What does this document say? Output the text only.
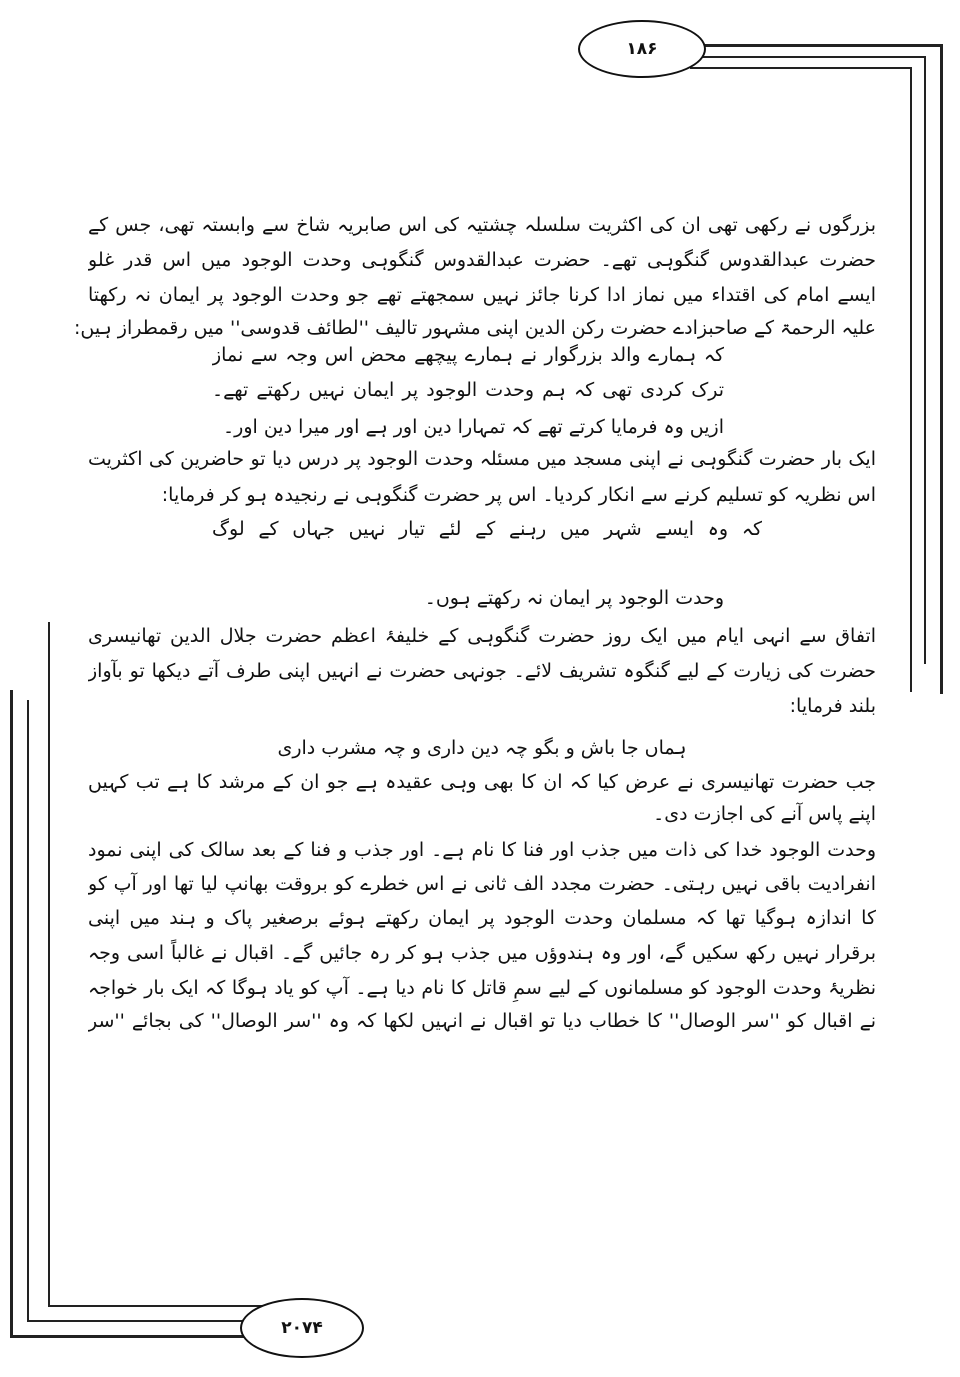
۱۸۶
۲۰۷۴
بزرگوں نے رکھی تھی ان کی اکثریت سلسلہ چشتیہ کی اس صابریہ شاخ سے وابستہ تھی، جس کے
حضرت عبدالقدوس گنگوہی تھے۔ حضرت عبدالقدوس گنگوہی وحدت الوجود میں اس قدر غلو
ایسے امام کی اقتداء میں نماز ادا کرنا جائز نہیں سمجھتے تھے جو وحدت الوجود پر ایمان نہ رکھتا
علیہ الرحمۃ کے صاحبزادے حضرت رکن الدین اپنی مشہور تالیف ''لطائف قدوسی'' میں رقمطراز ہیں:
کہ ہمارے والد بزرگوار نے ہمارے پیچھے محض اس وجہ سے نماز
ترک کردی تھی کہ ہم وحدت الوجود پر ایمان نہیں رکھتے تھے۔
ازیں وہ فرمایا کرتے تھے کہ تمہارا دین اور ہے اور میرا دین اور۔
ایک بار حضرت گنگوہی نے اپنی مسجد میں مسئلہ وحدت الوجود پر درس دیا تو حاضرین کی اکثریت
اس نظریہ کو تسلیم کرنے سے انکار کردیا۔ اس پر حضرت گنگوہی نے رنجیدہ ہو کر فرمایا:
کہ وہ ایسے شہر میں رہنے کے لئے تیار نہیں جہاں کے لوگ
وحدت الوجود پر ایمان نہ رکھتے ہوں۔
اتفاق سے انہی ایام میں ایک روز حضرت گنگوہی کے خلیفۂ اعظم حضرت جلال الدین تھانیسری
حضرت کی زیارت کے لیے گنگوہ تشریف لائے۔ جونہی حضرت نے انہیں اپنی طرف آتے دیکھا تو بآواز
بلند فرمایا:
ہماں جا باش و بگو چہ دین داری و چہ مشرب داری
جب حضرت تھانیسری نے عرض کیا کہ ان کا بھی وہی عقیدہ ہے جو ان کے مرشد کا ہے تب کہیں
اپنے پاس آنے کی اجازت دی۔
وحدت الوجود خدا کی ذات میں جذب اور فنا کا نام ہے۔ اور جذب و فنا کے بعد سالک کی اپنی نمود
انفرادیت باقی نہیں رہتی۔ حضرت مجدد الف ثانی نے اس خطرے کو بروقت بھانپ لیا تھا اور آپ کو
کا اندازہ ہوگیا تھا کہ مسلمان وحدت الوجود پر ایمان رکھتے ہوئے برصغیر پاک و ہند میں اپنی
برقرار نہیں رکھ سکیں گے، اور وہ ہندوؤں میں جذب ہو کر رہ جائیں گے۔ اقبال نے غالباً اسی وجہ
نظریۂ وحدت الوجود کو مسلمانوں کے لیے سمِ قاتل کا نام دیا ہے۔ آپ کو یاد ہوگا کہ ایک بار خواجہ
نے اقبال کو ''سر الوصال'' کا خطاب دیا تو اقبال نے انہیں لکھا کہ وہ ''سر الوصال'' کی بجائے ''سر
